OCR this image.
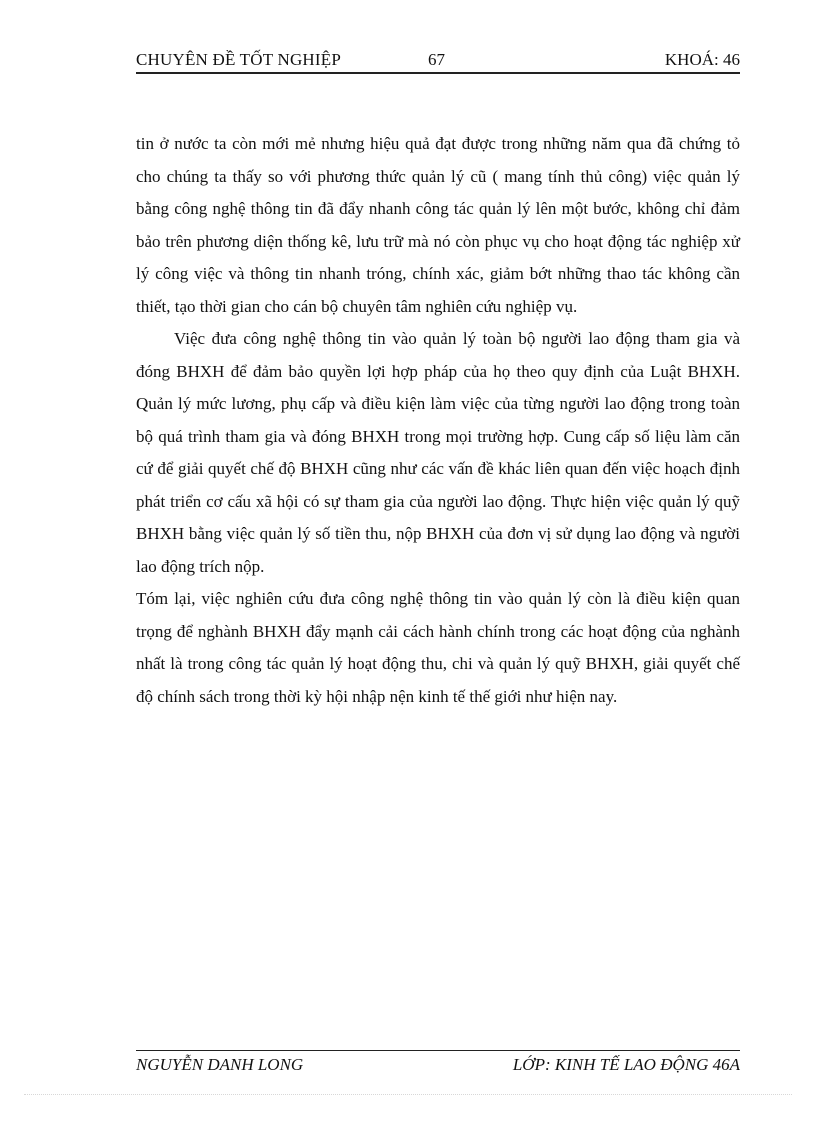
CHUYÊN ĐỀ TỐT NGHIỆP	67	KHOÁ: 46

tin ở nước ta còn mới mẻ nhưng hiệu quả đạt được trong những năm qua đã chứng tỏ cho chúng ta thấy so với phương thức quản lý cũ ( mang tính thủ công) việc quản lý bằng công nghệ thông tin đã đẩy nhanh công tác quản lý lên một bước, không chỉ đảm bảo trên phương diện thống kê, lưu trữ mà nó còn phục vụ cho hoạt động tác nghiệp xử lý công việc và thông tin nhanh tróng, chính xác, giảm bớt những thao tác không cần thiết, tạo thời gian cho cán bộ chuyên tâm nghiên cứu nghiệp vụ.

Việc đưa công nghệ thông tin vào quản lý toàn bộ người lao động tham gia và đóng BHXH để đảm bảo quyền lợi hợp pháp của họ theo quy định của Luật BHXH. Quản lý mức lương, phụ cấp và điều kiện làm việc của từng người lao động trong toàn bộ quá trình tham gia và đóng BHXH trong mọi trường hợp. Cung cấp số liệu làm căn cứ để giải quyết chế độ BHXH cũng như các vấn đề khác liên quan đến việc hoạch định phát triển cơ cấu xã hội có sự tham gia của người lao động. Thực hiện việc quản lý quỹ BHXH bằng việc quản lý số tiền thu, nộp BHXH của đơn vị sử dụng lao động và người lao động trích nộp.

Tóm lại, việc nghiên cứu đưa công nghệ thông tin vào quản lý còn là điều kiện quan trọng để nghành BHXH đẩy mạnh cải cách hành chính trong các hoạt động của nghành nhất là trong công tác quản lý hoạt động thu, chi và quản lý quỹ BHXH, giải quyết chế độ chính sách trong thời kỳ hội nhập nện kinh tế thế giới như hiện nay.

NGUYỄN DANH LONG	LỚP: KINH TẾ LAO ĐỘNG 46A
